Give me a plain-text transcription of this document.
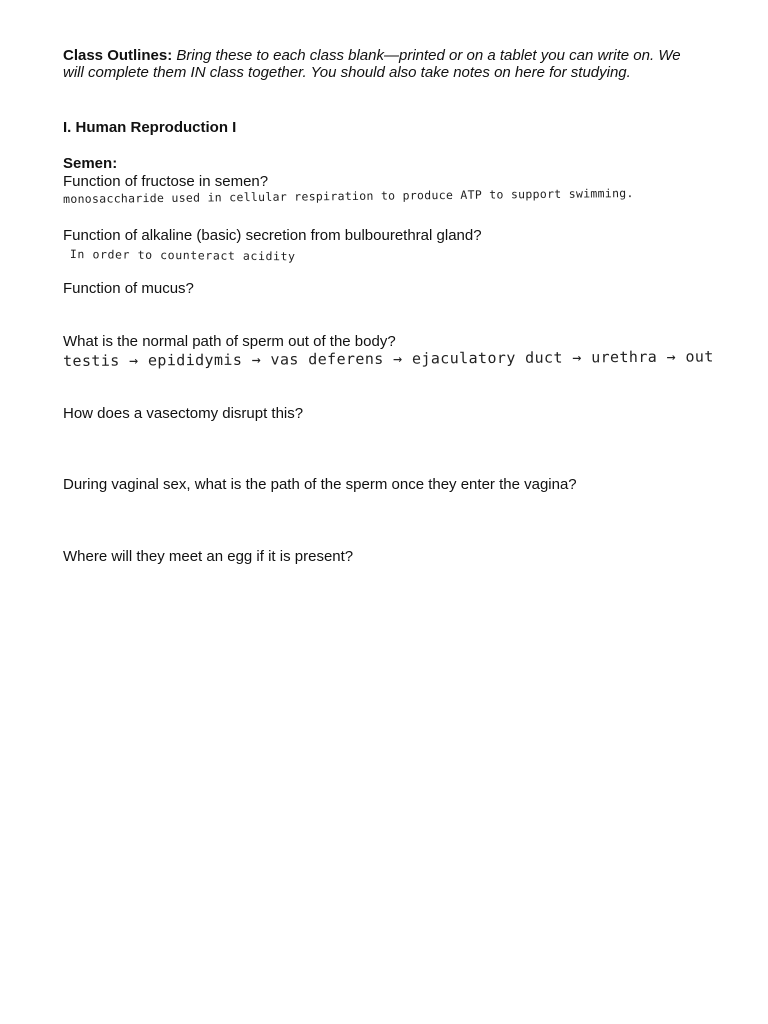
Class Outlines: Bring these to each class blank—printed or on a tablet you can write on. We will complete them IN class together. You should also take notes on here for studying.
I. Human Reproduction I
Semen:
Function of fructose in semen?
monosaccharide used in cellular respiration to produce ATP to support swimming.
Function of alkaline (basic) secretion from bulbourethral gland?
In order to counteract acidity
Function of mucus?
What is the normal path of sperm out of the body?
testis → epididymis → vas deferens → ejaculatory duct → urethra → out
How does a vasectomy disrupt this?
During vaginal sex, what is the path of the sperm once they enter the vagina?
Where will they meet an egg if it is present?
